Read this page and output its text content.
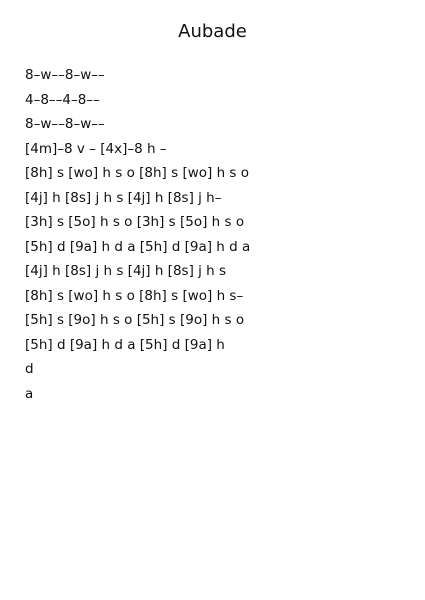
Aubade
8–w––8–w––
4–8––4–8––
8–w––8–w––
[4m]–8 v – [4x]–8 h –
[8h] s [wo] h s o [8h] s [wo] h s o
[4j] h [8s] j h s [4j] h [8s] j h–
[3h] s [5o] h s o [3h] s [5o] h s o
[5h] d [9a] h d a [5h] d [9a] h d a
[4j] h [8s] j h s [4j] h [8s] j h s
[8h] s [wo] h s o [8h] s [wo] h s–
[5h] s [9o] h s o [5h] s [9o] h s o
[5h] d [9a] h d a [5h] d [9a] h
d
a
